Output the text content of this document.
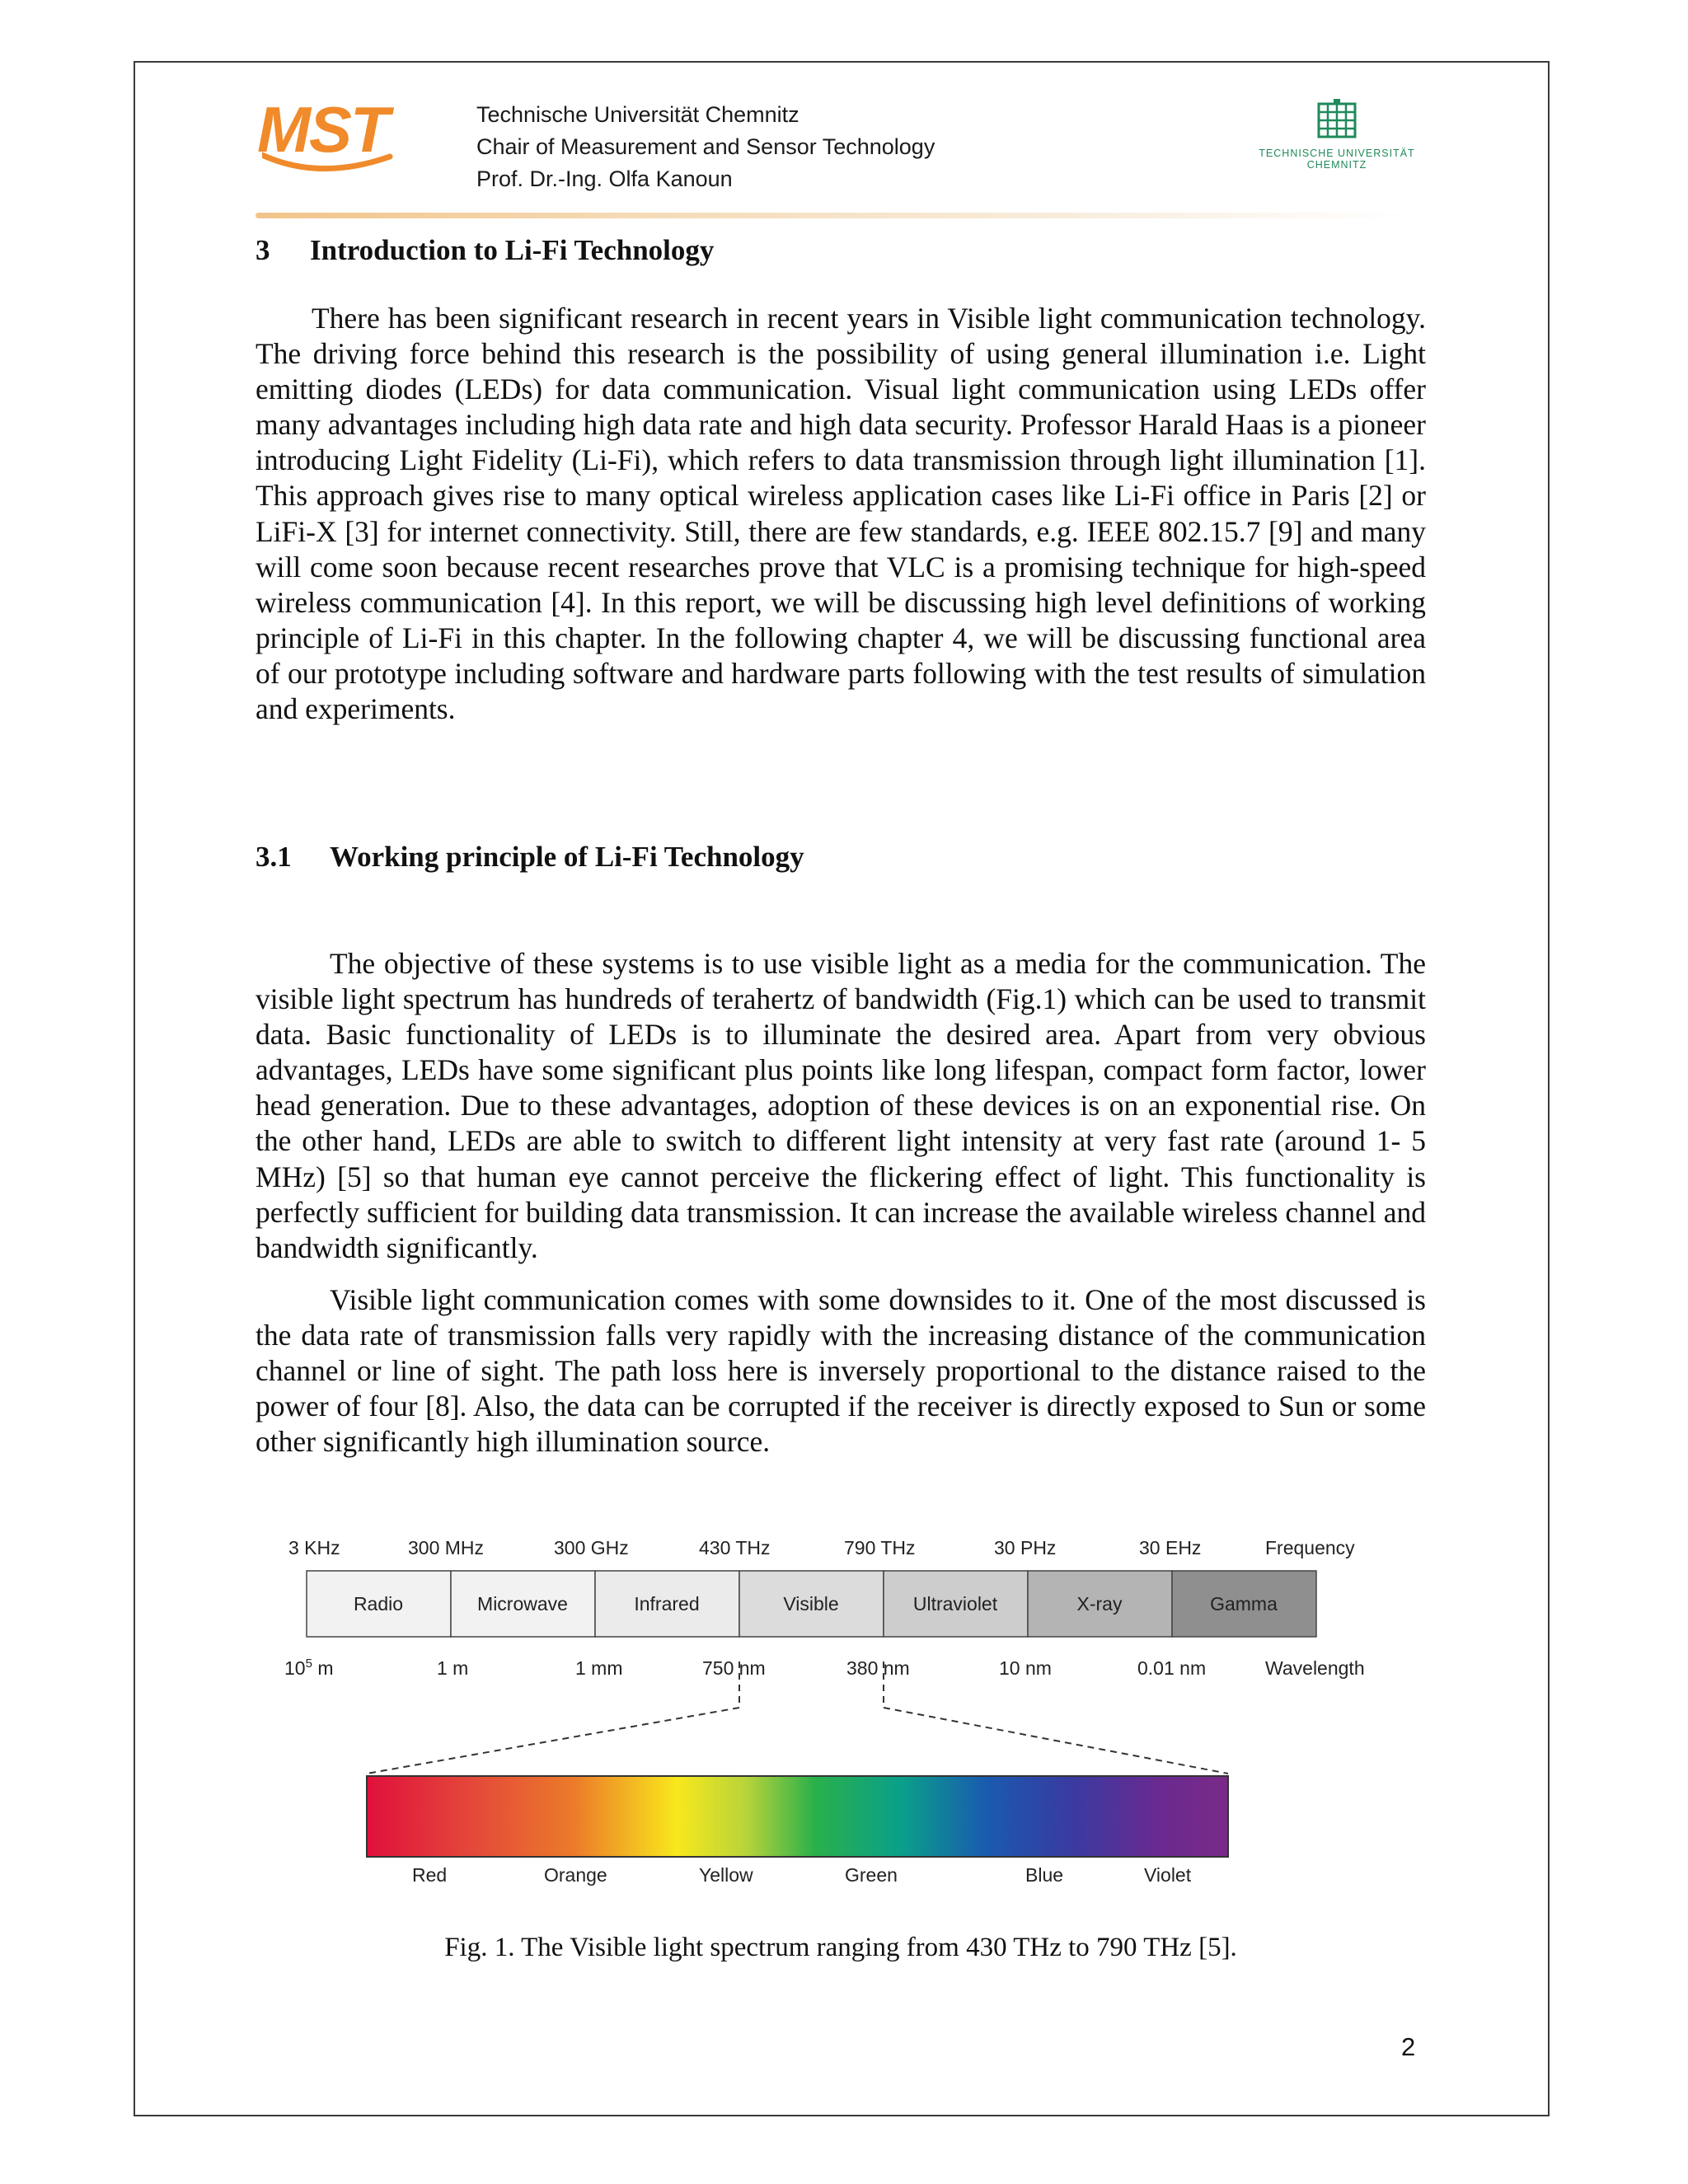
MST	Technische Universität Chemnitz
Chair of Measurement and Sensor Technology
Prof. Dr.-Ing. Olfa Kanoun
TECHNISCHE UNIVERSITÄT
CHEMNITZ
3 Introduction to Li-Fi Technology

There has been significant research in recent years in Visible light communication technology. The driving force behind this research is the possibility of using general illumination i.e. Light emitting diodes (LEDs) for data communication. Visual light communication using LEDs offer many advantages including high data rate and high data security. Professor Harald Haas is a pioneer introducing Light Fidelity (Li-Fi), which refers to data transmission through light illumination [1]. This approach gives rise to many optical wireless application cases like Li-Fi office in Paris [2] or LiFi-X [3] for internet connectivity. Still, there are few standards, e.g. IEEE 802.15.7 [9] and many will come soon because recent researches prove that VLC is a promising technique for high-speed wireless communication [4]. In this report, we will be discussing high level definitions of working principle of Li-Fi in this chapter. In the following chapter 4, we will be discussing functional area of our prototype including software and hardware parts following with the test results of simulation and experiments.

3.1 Working principle of Li-Fi Technology

The objective of these systems is to use visible light as a media for the communication. The visible light spectrum has hundreds of terahertz of bandwidth (Fig.1) which can be used to transmit data. Basic functionality of LEDs is to illuminate the desired area. Apart from very obvious advantages, LEDs have some significant plus points like long lifespan, compact form factor, lower head generation. Due to these advantages, adoption of these devices is on an exponential rise. On the other hand, LEDs are able to switch to different light intensity at very fast rate (around 1- 5 MHz) [5] so that human eye cannot perceive the flickering effect of light. This functionality is perfectly sufficient for building data transmission. It can increase the available wireless channel and bandwidth significantly.

Visible light communication comes with some downsides to it. One of the most discussed is the data rate of transmission falls very rapidly with the increasing distance of the communication channel or line of sight. The path loss here is inversely proportional to the distance raised to the power of four [8]. Also, the data can be corrupted if the receiver is directly exposed to Sun or some other significantly high illumination source.

3 KHz	300 MHz	300 GHz	430 THz	790 THz	30 PHz	30 EHz	Frequency
Radio	Microwave	Infrared	Visible	Ultraviolet	X-ray	Gamma
$10^5$ m	1 m	1 mm	750 nm	380 nm	10 nm	0.01 nm	Wavelength
Red	Orange	Yellow	Green	Blue	Violet
Fig. 1. The Visible light spectrum ranging from 430 THz to 790 THz [5].
2
